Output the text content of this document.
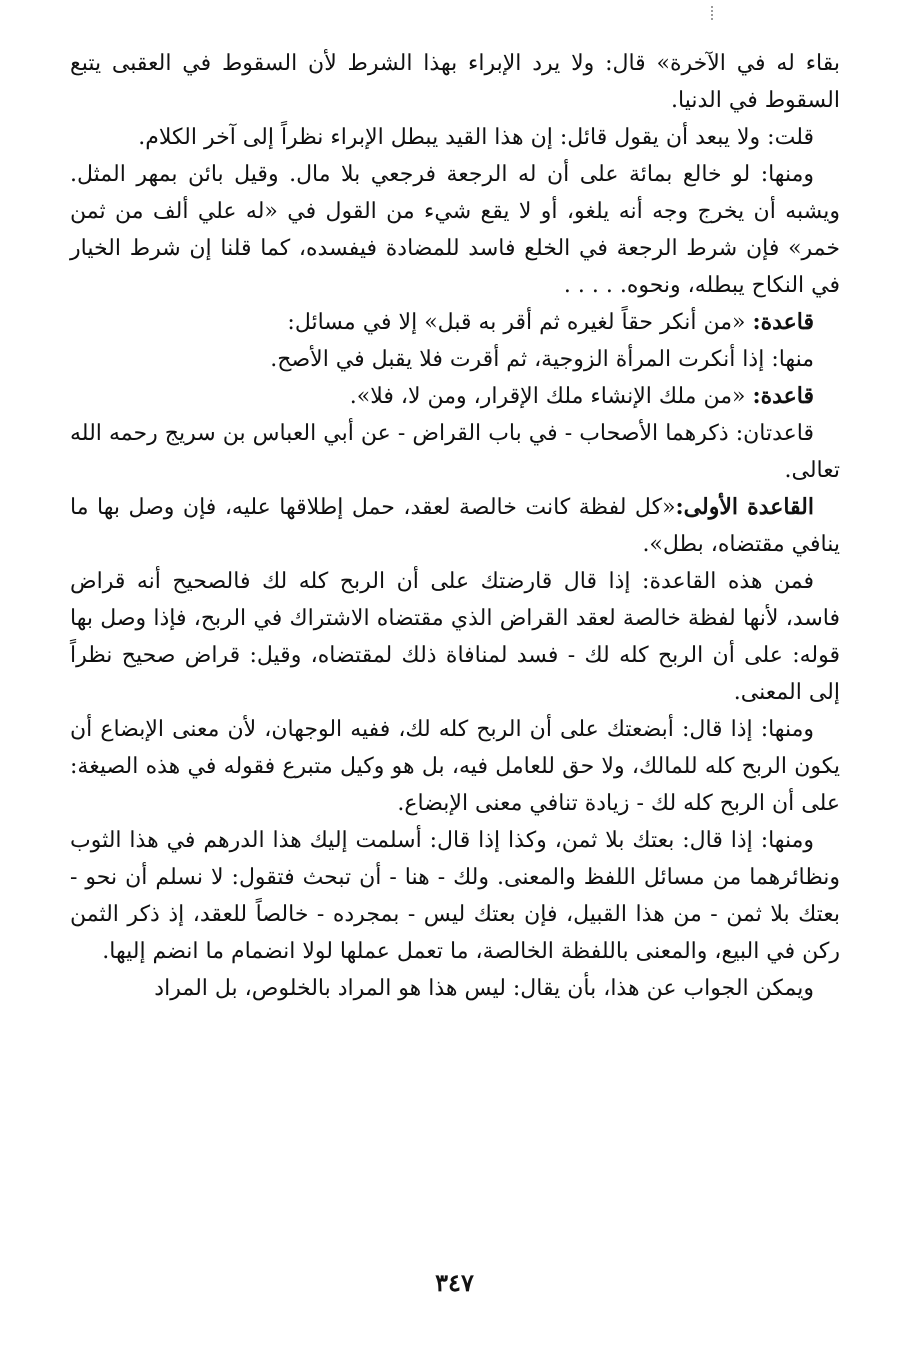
بقاء له في الآخرة» قال: ولا يرد الإبراء بهذا الشرط لأن السقوط في العقبى يتبع السقوط في الدنيا.

قلت: ولا يبعد أن يقول قائل: إن هذا القيد يبطل الإبراء نظراً إلى آخر الكلام.

ومنها: لو خالع بمائة على أن له الرجعة فرجعي بلا مال. وقيل بائن بمهر المثل. ويشبه أن يخرج وجه أنه يلغو، أو لا يقع شيء من القول في «له علي ألف من ثمن خمر» فإن شرط الرجعة في الخلع فاسد للمضادة فيفسده، كما قلنا إن شرط الخيار في النكاح يبطله، ونحوه. . . . .

قاعدة: «من أنكر حقاً لغيره ثم أقر به قبل» إلا في مسائل:

منها: إذا أنكرت المرأة الزوجية، ثم أقرت فلا يقبل في الأصح.

قاعدة: «من ملك الإنشاء ملك الإقرار، ومن لا، فلا».

قاعدتان: ذكرهما الأصحاب - في باب القراض - عن أبي العباس بن سريج رحمه الله تعالى.

القاعدة الأولى:«كل لفظة كانت خالصة لعقد، حمل إطلاقها عليه، فإن وصل بها ما ينافي مقتضاه، بطل».

فمن هذه القاعدة: إذا قال قارضتك على أن الربح كله لك فالصحيح أنه قراض فاسد، لأنها لفظة خالصة لعقد القراض الذي مقتضاه الاشتراك في الربح، فإذا وصل بها قوله: على أن الربح كله لك - فسد لمنافاة ذلك لمقتضاه، وقيل: قراض صحيح نظراً إلى المعنى.

ومنها: إذا قال: أبضعتك على أن الربح كله لك، ففيه الوجهان، لأن معنى الإبضاع أن يكون الربح كله للمالك، ولا حق للعامل فيه، بل هو وكيل متبرع فقوله في هذه الصيغة: على أن الربح كله لك - زيادة تنافي معنى الإبضاع.

ومنها: إذا قال: بعتك بلا ثمن، وكذا إذا قال: أسلمت إليك هذا الدرهم في هذا الثوب ونظائرهما من مسائل اللفظ والمعنى. ولك - هنا - أن تبحث فتقول: لا نسلم أن نحو - بعتك بلا ثمن - من هذا القبيل، فإن بعتك ليس - بمجرده - خالصاً للعقد، إذ ذكر الثمن ركن في البيع، والمعنى باللفظة الخالصة، ما تعمل عملها لولا انضمام ما انضم إليها.

ويمكن الجواب عن هذا، بأن يقال: ليس هذا هو المراد بالخلوص، بل المراد

٣٤٧
